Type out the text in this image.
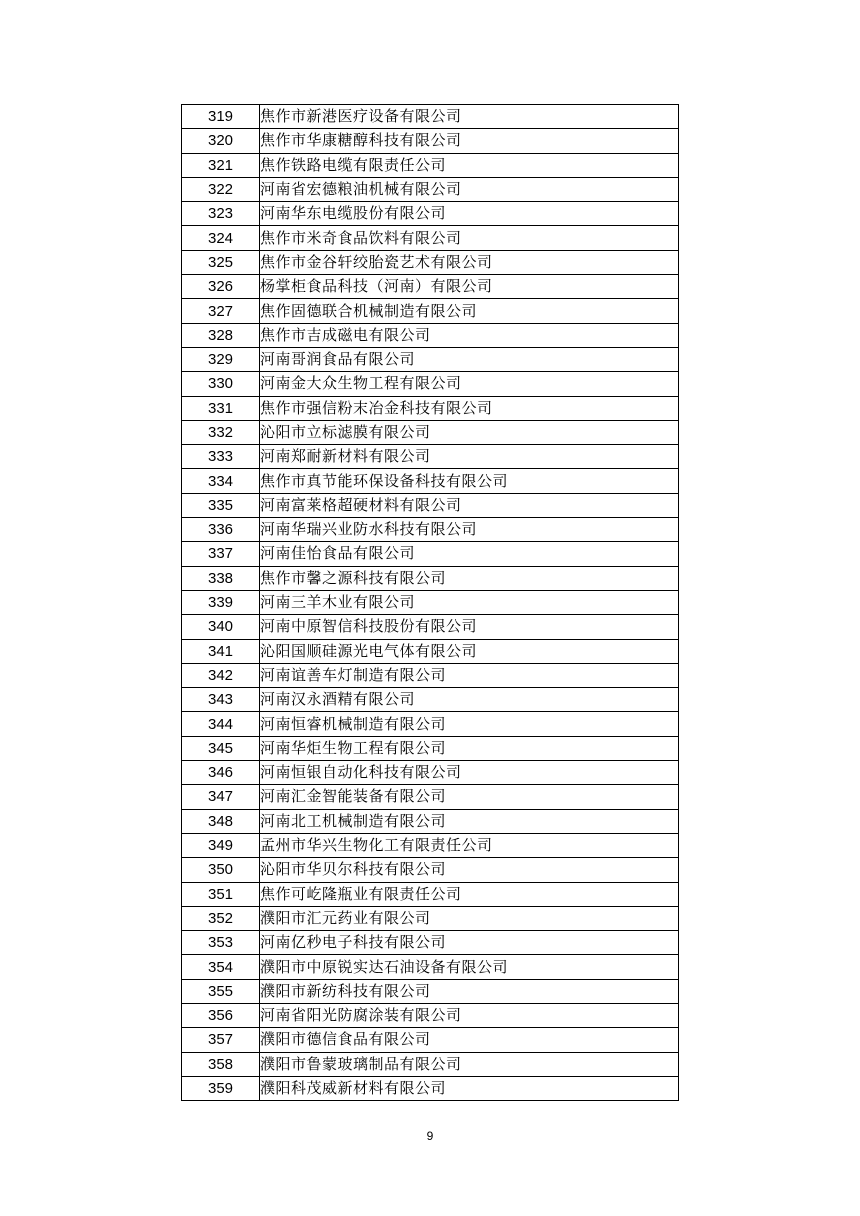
319	焦作市新港医疗设备有限公司
320	焦作市华康糖醇科技有限公司
321	焦作铁路电缆有限责任公司
322	河南省宏德粮油机械有限公司
323	河南华东电缆股份有限公司
324	焦作市米奇食品饮料有限公司
325	焦作市金谷轩绞胎瓷艺术有限公司
326	杨掌柜食品科技（河南）有限公司
327	焦作固德联合机械制造有限公司
328	焦作市吉成磁电有限公司
329	河南哥润食品有限公司
330	河南金大众生物工程有限公司
331	焦作市强信粉末冶金科技有限公司
332	沁阳市立标滤膜有限公司
333	河南郑耐新材料有限公司
334	焦作市真节能环保设备科技有限公司
335	河南富莱格超硬材料有限公司
336	河南华瑞兴业防水科技有限公司
337	河南佳怡食品有限公司
338	焦作市馨之源科技有限公司
339	河南三羊木业有限公司
340	河南中原智信科技股份有限公司
341	沁阳国顺硅源光电气体有限公司
342	河南谊善车灯制造有限公司
343	河南汉永酒精有限公司
344	河南恒睿机械制造有限公司
345	河南华炬生物工程有限公司
346	河南恒银自动化科技有限公司
347	河南汇金智能装备有限公司
348	河南北工机械制造有限公司
349	孟州市华兴生物化工有限责任公司
350	沁阳市华贝尔科技有限公司
351	焦作可屹隆瓶业有限责任公司
352	濮阳市汇元药业有限公司
353	河南亿秒电子科技有限公司
354	濮阳市中原锐实达石油设备有限公司
355	濮阳市新纺科技有限公司
356	河南省阳光防腐涂装有限公司
357	濮阳市德信食品有限公司
358	濮阳市鲁蒙玻璃制品有限公司
359	濮阳科茂威新材料有限公司
9
